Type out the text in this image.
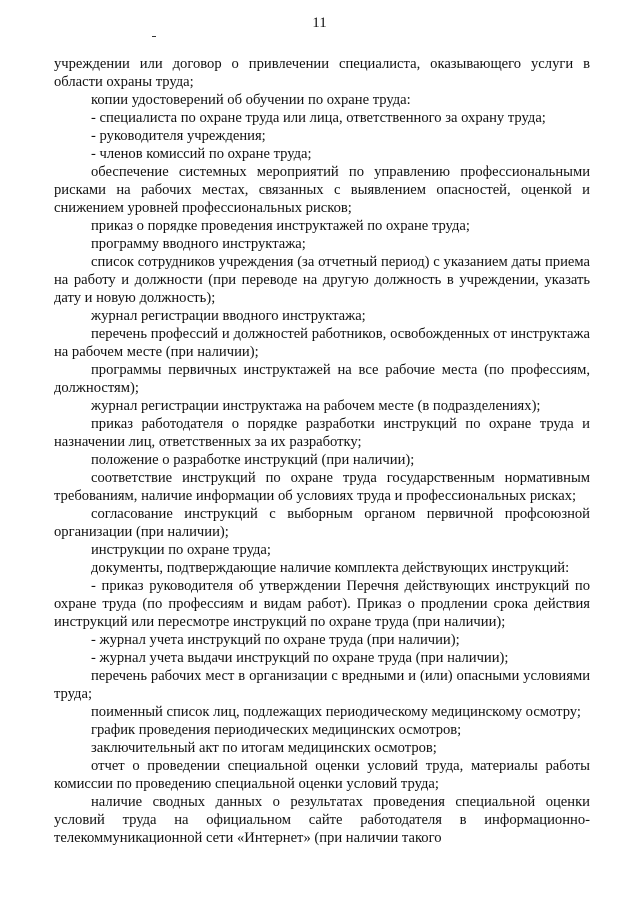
11

учреждении или договор о привлечении специалиста, оказывающего услуги в области охраны труда;

копии удостоверений об обучении по охране труда:

- специалиста по охране труда или лица, ответственного за охрану труда;

- руководителя учреждения;

- членов комиссий по охране труда;

обеспечение системных мероприятий по управлению профессиональными рисками на рабочих местах, связанных с выявлением опасностей, оценкой и снижением уровней профессиональных рисков;

приказ о порядке проведения инструктажей по охране труда;

программу вводного инструктажа;

список сотрудников учреждения (за отчетный период) с указанием даты приема на работу и должности (при переводе на другую должность в учреждении, указать дату и новую должность);

журнал регистрации вводного инструктажа;

перечень профессий и должностей работников, освобожденных от инструктажа на рабочем месте (при наличии);

программы первичных инструктажей на все рабочие места (по профессиям, должностям);

журнал регистрации инструктажа на рабочем месте (в подразделениях);

приказ работодателя о порядке разработки инструкций по охране труда и назначении лиц, ответственных за их разработку;

положение о разработке инструкций (при наличии);

соответствие инструкций по охране труда государственным нормативным требованиям, наличие информации об условиях труда и профессиональных рисках;

согласование инструкций с выборным органом первичной профсоюзной организации (при наличии);

инструкции по охране труда;

документы, подтверждающие наличие комплекта действующих инструкций:

- приказ руководителя об утверждении Перечня действующих инструкций по охране труда (по профессиям и видам работ). Приказ о продлении срока действия инструкций или пересмотре инструкций по охране труда (при наличии);

- журнал учета инструкций по охране труда (при наличии);

- журнал учета выдачи инструкций по охране труда (при наличии);

перечень рабочих мест в организации с вредными и (или) опасными условиями труда;

поименный список лиц, подлежащих периодическому медицинскому осмотру;

график проведения периодических медицинских осмотров;

заключительный акт по итогам медицинских осмотров;

отчет о проведении специальной оценки условий труда, материалы работы комиссии по проведению специальной оценки условий труда;

наличие сводных данных о результатах проведения специальной оценки условий труда на официальном сайте работодателя в информационно-телекоммуникационной сети «Интернет» (при наличии такого
